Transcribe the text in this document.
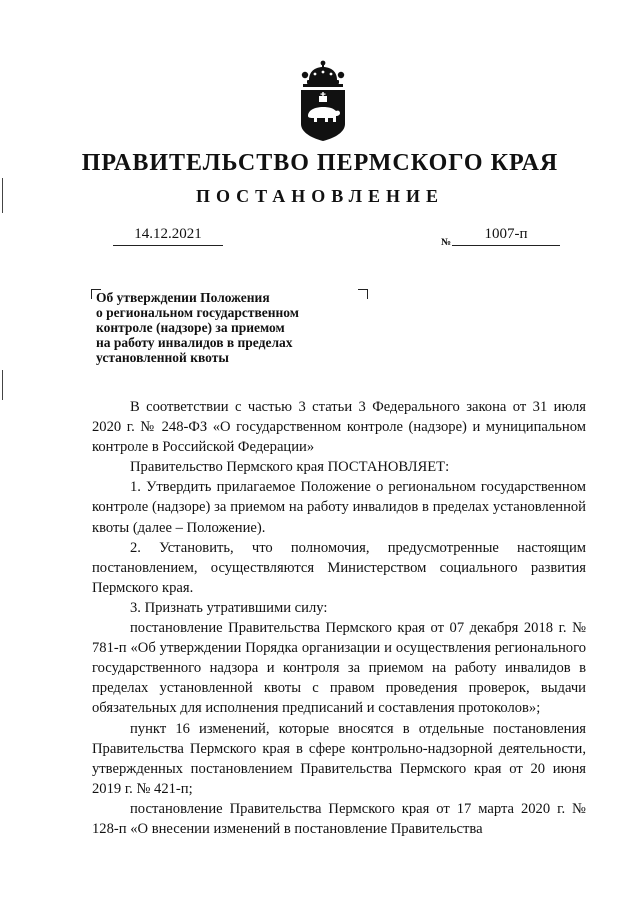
ПРАВИТЕЛЬСТВО ПЕРМСКОГО КРАЯ
ПОСТАНОВЛЕНИЕ
14.12.2021
№
1007-п
Об утверждении Положения
о региональном государственном
контроле (надзоре) за приемом
на работу инвалидов в пределах
установленной квоты

В соответствии с частью 3 статьи 3 Федерального закона от 31 июля 2020 г. № 248-ФЗ «О государственном контроле (надзоре) и муниципальном контроле в Российской Федерации»

Правительство Пермского края ПОСТАНОВЛЯЕТ:

1. Утвердить прилагаемое Положение о региональном государственном контроле (надзоре) за приемом на работу инвалидов в пределах установленной квоты (далее – Положение).

2. Установить, что полномочия, предусмотренные настоящим постановлением, осуществляются Министерством социального развития Пермского края.

3. Признать утратившими силу:

постановление Правительства Пермского края от 07 декабря 2018 г. № 781-п «Об утверждении Порядка организации и осуществления регионального государственного надзора и контроля за приемом на работу инвалидов в пределах установленной квоты с правом проведения проверок, выдачи обязательных для исполнения предписаний и составления протоколов»;

пункт 16 изменений, которые вносятся в отдельные постановления Правительства Пермского края в сфере контрольно-надзорной деятельности, утвержденных постановлением Правительства Пермского края от 20 июня 2019 г. № 421-п;

постановление Правительства Пермского края от 17 марта 2020 г. № 128-п «О внесении изменений в постановление Правительства
